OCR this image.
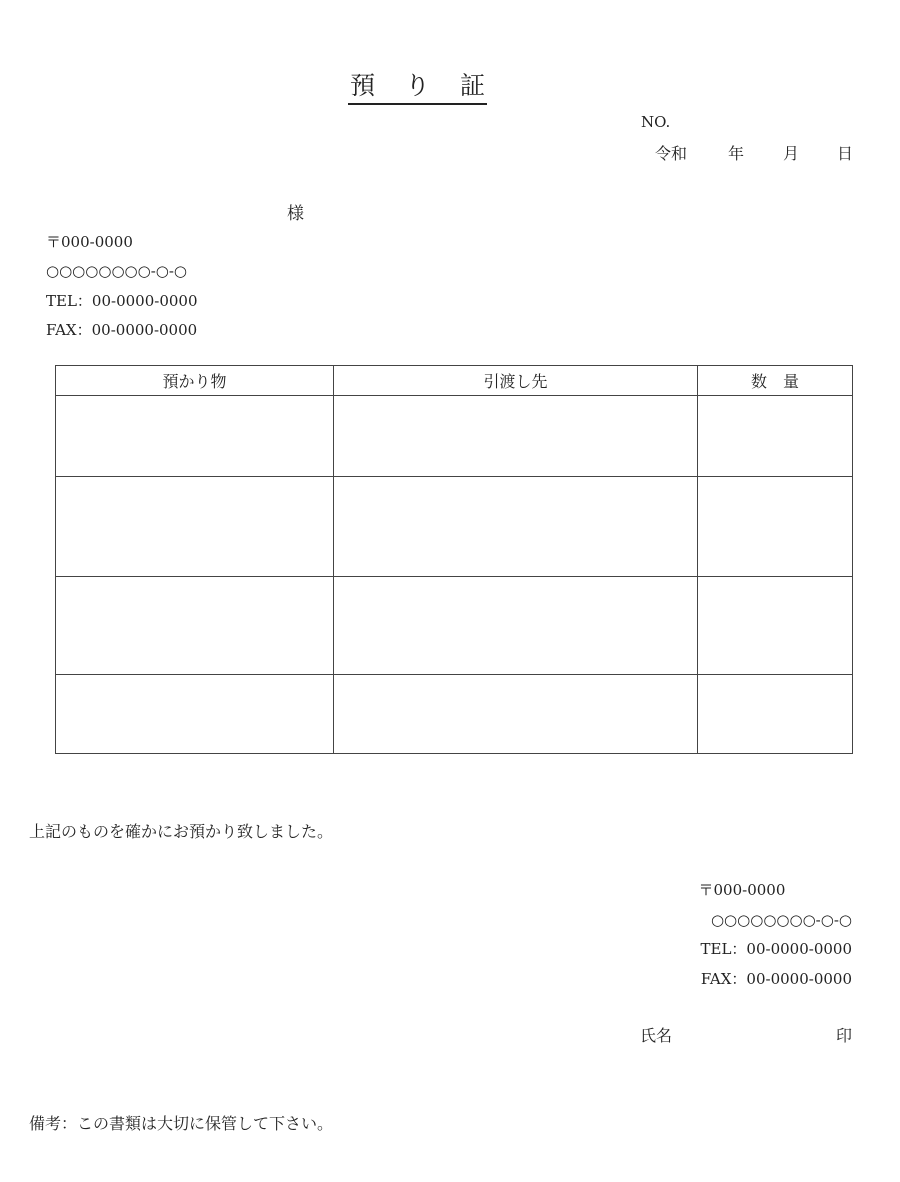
預 り 証
NO.
令和	年 月 日
様
〒000-0000
○○○○○○○○-○-○
TEL：00-0000-0000
FAX：00-0000-0000
預かり物	引渡し先	数　量

上記のものを確かにお預かり致しました。
〒000-0000
○○○○○○○○-○-○
TEL：00-0000-0000
FAX：00-0000-0000
氏名	印
備考：この書類は大切に保管して下さい。
